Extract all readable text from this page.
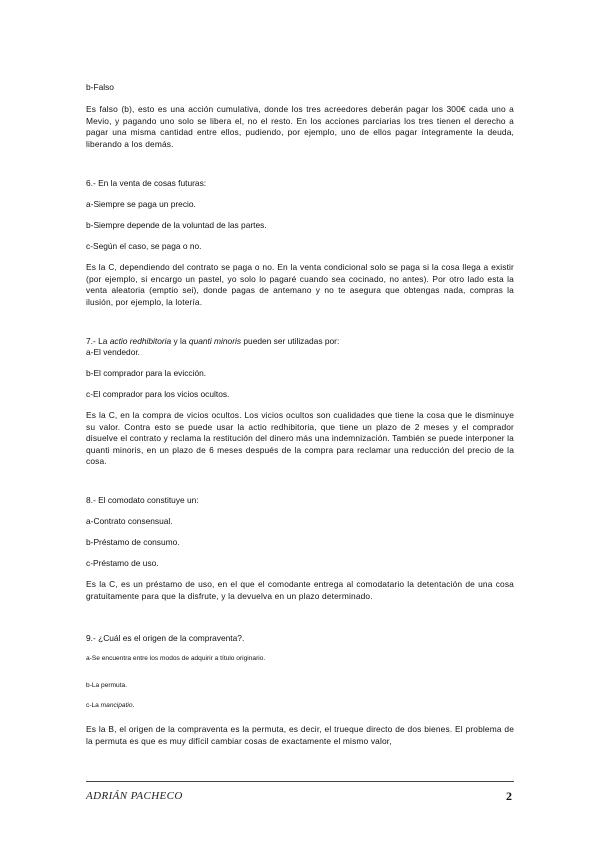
b-Falso

Es falso (b), esto es una acción cumulativa, donde los tres acreedores deberán pagar los 300€ cada uno a Mevio, y pagando uno solo se libera el, no el resto. En los acciones parciarias los tres tienen el derecho a pagar una misma cantidad entre ellos, pudiendo, por ejemplo, uno de ellos pagar íntegramente la deuda, liberando a los demás.

6.- En la venta de cosas futuras:

a-Siempre se paga un precio.

b-Siempre depende de la voluntad de las partes.

c-Según el caso, se paga o no.

Es la C, dependiendo del contrato se paga o no. En la venta condicional solo se paga si la cosa llega a existir (por ejemplo, si encargo un pastel, yo solo lo pagaré cuando sea cocinado, no antes). Por otro lado esta la venta aleatoria (emptio sei), donde pagas de antemano y no te asegura que obtengas nada, compras la ilusión, por ejemplo, la lotería.

7.- La actio redhibitoria y la quanti minoris pueden ser utilizadas por:

a-El vendedor.

b-El comprador para la evicción.

c-El comprador para los vicios ocultos.

Es la C, en la compra de vicios ocultos. Los vicios ocultos son cualidades que tiene la cosa que le disminuye su valor. Contra esto se puede usar la actio redhibitoria, que tiene un plazo de 2 meses y el comprador disuelve el contrato y reclama la restitución del dinero más una indemnización. También se puede interponer la quanti minoris, en un plazo de 6 meses después de la compra para reclamar una reducción del precio de la cosa.

8.- El comodato constituye un:

a-Contrato consensual.

b-Préstamo de consumo.

c-Préstamo de uso.

Es la C, es un préstamo de uso, en el que el comodante entrega al comodatario la detentación de una cosa gratuitamente para que la disfrute, y la devuelva en un plazo determinado.

9.- ¿Cuál es el origen de la compraventa?.

a-Se encuentra entre los modos de adquirir a título originario.

b-La permuta.

c-La mancipatio.

Es la B, el origen de la compraventa es la permuta, es decir, el trueque directo de dos bienes. El problema de la permuta es que es muy difícil cambiar cosas de exactamente el mismo valor,

ADRIÁN PACHECO	2
